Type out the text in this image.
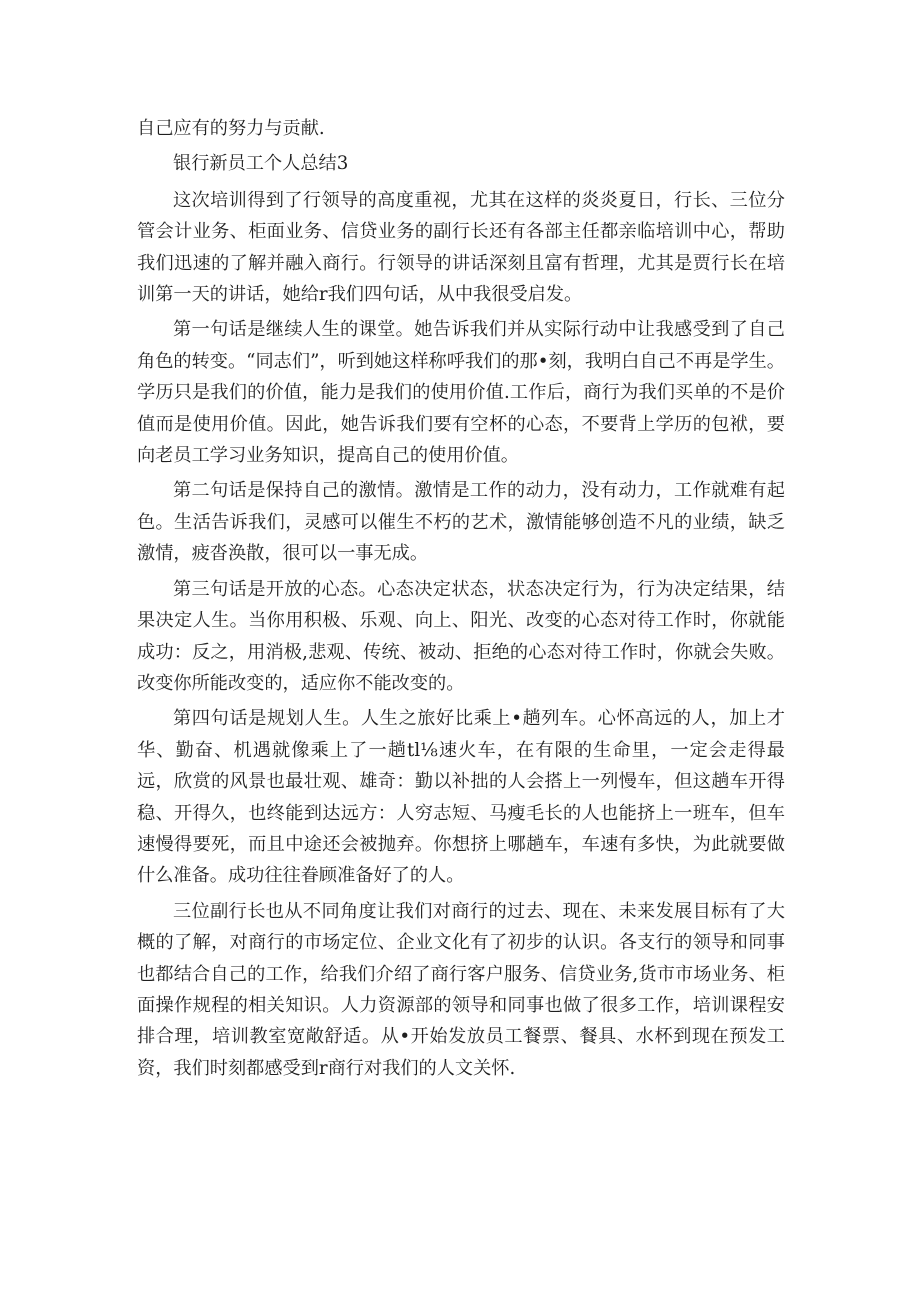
自己应有的努力与贡献.

银行新员工个人总结3

这次培训得到了行领导的高度重视，尤其在这样的炎炎夏日，行长、三位分管会计业务、柜面业务、信贷业务的副行长还有各部主任都亲临培训中心，帮助我们迅速的了解并融入商行。行领导的讲话深刻且富有哲理，尤其是贾行长在培训第一天的讲话，她给r我们四句话，从中我很受启发。

第一句话是继续人生的课堂。她告诉我们并从实际行动中让我感受到了自己角色的转变。“同志们”，听到她这样称呼我们的那•刻，我明白自己不再是学生。学历只是我们的价值，能力是我们的使用价值.工作后，商行为我们买单的不是价值而是使用价值。因此，她告诉我们要有空杯的心态，不要背上学历的包袱，要向老员工学习业务知识，提高自己的使用价值。

第二句话是保持自己的激情。激情是工作的动力，没有动力，工作就难有起色。生活告诉我们，灵感可以催生不朽的艺术，激情能够创造不凡的业绩，缺乏激情，疲沓涣散，很可以一事无成。

第三句话是开放的心态。心态决定状态，状态决定行为，行为决定结果，结果决定人生。当你用积极、乐观、向上、阳光、改变的心态对待工作时，你就能成功：反之，用消极,悲观、传统、被动、拒绝的心态对待工作时，你就会失败。改变你所能改变的，适应你不能改变的。

第四句话是规划人生。人生之旅好比乘上•趟列车。心怀高远的人，加上才华、勤奋、机遇就像乘上了一趟tl⅛速火车，在有限的生命里，一定会走得最远，欣赏的风景也最壮观、雄奇：勤以补拙的人会搭上一列慢车，但这趟车开得稳、开得久，也终能到达远方：人穷志短、马瘦毛长的人也能挤上一班车，但车速慢得要死，而且中途还会被抛弃。你想挤上哪趟车，车速有多快，为此就要做什么准备。成功往往眷顾准备好了的人。

三位副行长也从不同角度让我们对商行的过去、现在、未来发展目标有了大概的了解，对商行的市场定位、企业文化有了初步的认识。各支行的领导和同事也都结合自己的工作，给我们介绍了商行客户服务、信贷业务,货市市场业务、柜面操作规程的相关知识。人力资源部的领导和同事也做了很多工作，培训课程安排合理，培训教室宽敞舒适。从•开始发放员工餐票、餐具、水杯到现在预发工资，我们时刻都感受到r商行对我们的人文关怀.
